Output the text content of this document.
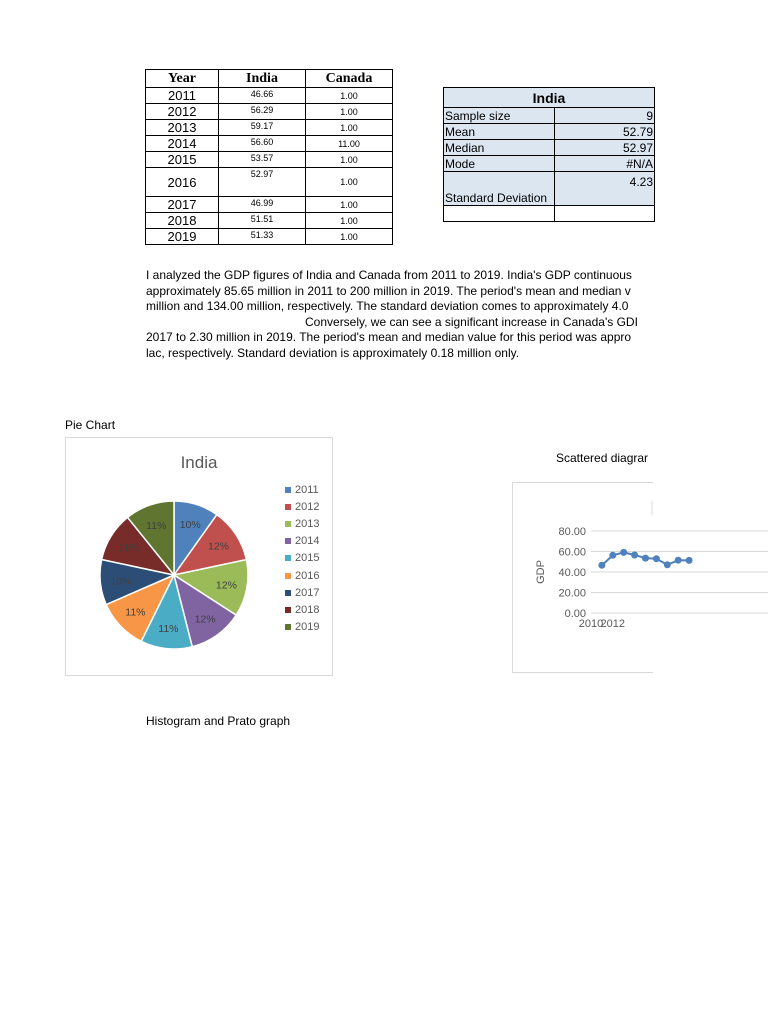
Year	India	Canada
2011	46.66	1.00
2012	56.29	1.00
2013	59.17	1.00
2014	56.60	11.00
2015	53.57	1.00
2016	52.97	1.00
2017	46.99	1.00
2018	51.51	1.00
2019	51.33	1.00
India	
Sample size	9
Mean	52.79
Median	52.97
Mode	#N/A
Standard Deviation	4.23

I analyzed the GDP figures of India and Canada from 2011 to 2019. India's GDP continuous
approximately 85.65 million in 2011 to 200 million in 2019. The period's mean and median v
million and 134.00 million, respectively. The standard deviation comes to approximately 4.0
Conversely, we can see a significant increase in Canada's GDI
2017 to 2.30 million in 2019. The period's mean and median value for this period was appro
lac, respectively. Standard deviation is approximately 0.18 million only.
Pie Chart
Scattered diagrar
Histogram and Prato graph
India
10%
12%
12%
12%
11%
11%
10%
11%
11%
2011
2012
2013
2014
2015
2016
2017
2018
2019
0.00
20.00
40.00
60.00
80.00
2010
2012
GDP
